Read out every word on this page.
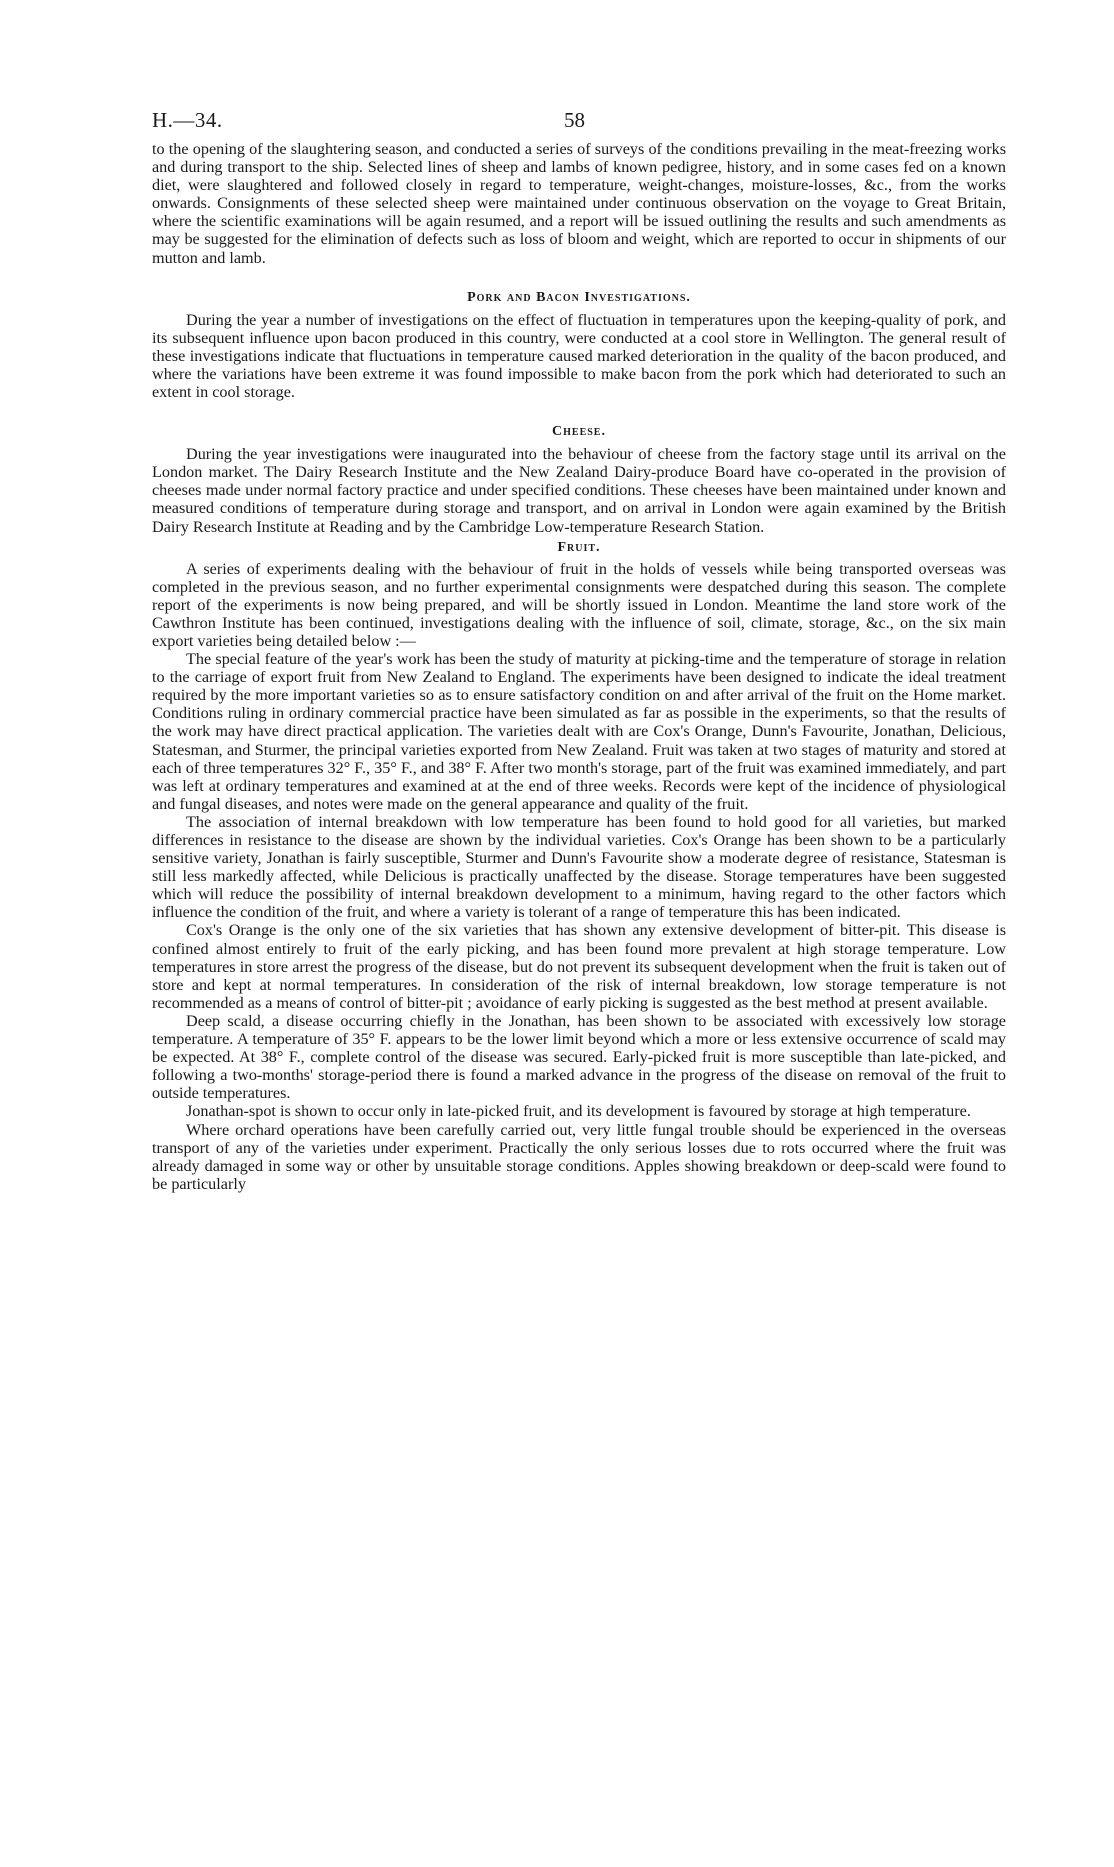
H.—34.	58

to the opening of the slaughtering season, and conducted a series of surveys of the conditions prevailing in the meat-freezing works and during transport to the ship. Selected lines of sheep and lambs of known pedigree, history, and in some cases fed on a known diet, were slaughtered and followed closely in regard to temperature, weight-changes, moisture-losses, &c., from the works onwards. Consignments of these selected sheep were maintained under continuous observation on the voyage to Great Britain, where the scientific examinations will be again resumed, and a report will be issued outlining the results and such amendments as may be suggested for the elimination of defects such as loss of bloom and weight, which are reported to occur in shipments of our mutton and lamb.

Pork and Bacon Investigations.

During the year a number of investigations on the effect of fluctuation in temperatures upon the keeping-quality of pork, and its subsequent influence upon bacon produced in this country, were conducted at a cool store in Wellington. The general result of these investigations indicate that fluctuations in temperature caused marked deterioration in the quality of the bacon produced, and where the variations have been extreme it was found impossible to make bacon from the pork which had deteriorated to such an extent in cool storage.

Cheese.

During the year investigations were inaugurated into the behaviour of cheese from the factory stage until its arrival on the London market. The Dairy Research Institute and the New Zealand Dairy-produce Board have co-operated in the provision of cheeses made under normal factory practice and under specified conditions. These cheeses have been maintained under known and measured conditions of temperature during storage and transport, and on arrival in London were again examined by the British Dairy Research Institute at Reading and by the Cambridge Low-temperature Research Station.

Fruit.

A series of experiments dealing with the behaviour of fruit in the holds of vessels while being transported overseas was completed in the previous season, and no further experimental consignments were despatched during this season. The complete report of the experiments is now being prepared, and will be shortly issued in London. Meantime the land store work of the Cawthron Institute has been continued, investigations dealing with the influence of soil, climate, storage, &c., on the six main export varieties being detailed below :—

The special feature of the year's work has been the study of maturity at picking-time and the temperature of storage in relation to the carriage of export fruit from New Zealand to England. The experiments have been designed to indicate the ideal treatment required by the more important varieties so as to ensure satisfactory condition on and after arrival of the fruit on the Home market. Conditions ruling in ordinary commercial practice have been simulated as far as possible in the experiments, so that the results of the work may have direct practical application. The varieties dealt with are Cox's Orange, Dunn's Favourite, Jonathan, Delicious, Statesman, and Sturmer, the principal varieties exported from New Zealand. Fruit was taken at two stages of maturity and stored at each of three temperatures 32° F., 35° F., and 38° F. After two month's storage, part of the fruit was examined immediately, and part was left at ordinary temperatures and examined at at the end of three weeks. Records were kept of the incidence of physiological and fungal diseases, and notes were made on the general appearance and quality of the fruit.

The association of internal breakdown with low temperature has been found to hold good for all varieties, but marked differences in resistance to the disease are shown by the individual varieties. Cox's Orange has been shown to be a particularly sensitive variety, Jonathan is fairly susceptible, Sturmer and Dunn's Favourite show a moderate degree of resistance, Statesman is still less markedly affected, while Delicious is practically unaffected by the disease. Storage temperatures have been suggested which will reduce the possibility of internal breakdown development to a minimum, having regard to the other factors which influence the condition of the fruit, and where a variety is tolerant of a range of temperature this has been indicated.

Cox's Orange is the only one of the six varieties that has shown any extensive development of bitter-pit. This disease is confined almost entirely to fruit of the early picking, and has been found more prevalent at high storage temperature. Low temperatures in store arrest the progress of the disease, but do not prevent its subsequent development when the fruit is taken out of store and kept at normal temperatures. In consideration of the risk of internal breakdown, low storage temperature is not recommended as a means of control of bitter-pit ; avoidance of early picking is suggested as the best method at present available.

Deep scald, a disease occurring chiefly in the Jonathan, has been shown to be associated with excessively low storage temperature. A temperature of 35° F. appears to be the lower limit beyond which a more or less extensive occurrence of scald may be expected. At 38° F., complete control of the disease was secured. Early-picked fruit is more susceptible than late-picked, and following a two-months' storage-period there is found a marked advance in the progress of the disease on removal of the fruit to outside temperatures.

Jonathan-spot is shown to occur only in late-picked fruit, and its development is favoured by storage at high temperature.

Where orchard operations have been carefully carried out, very little fungal trouble should be experienced in the overseas transport of any of the varieties under experiment. Practically the only serious losses due to rots occurred where the fruit was already damaged in some way or other by unsuitable storage conditions. Apples showing breakdown or deep-scald were found to be particularly
